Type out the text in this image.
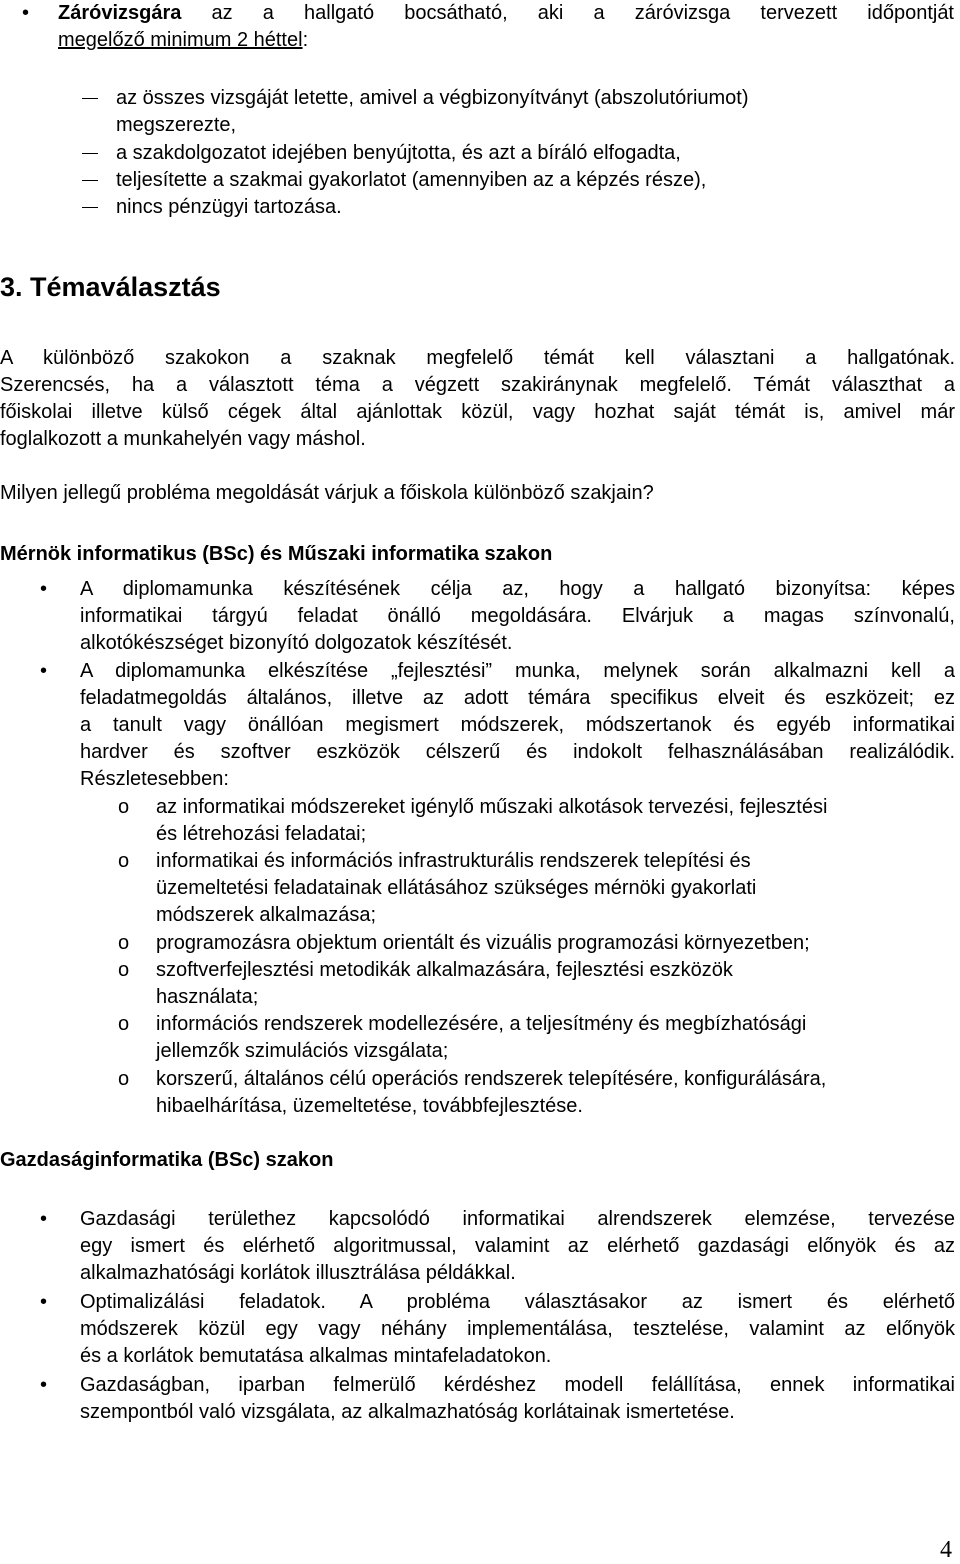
• Záróvizsgára az a hallgató bocsátható, aki a záróvizsga tervezett időpontját
megelőző minimum 2 héttel:
az összes vizsgáját letette, amivel a végbizonyítványt (abszolutóriumot)
megszerezte,
a szakdolgozatot idejében benyújtotta, és azt a bíráló elfogadta,
teljesítette a szakmai gyakorlatot (amennyiben az a képzés része),
nincs pénzügyi tartozása.
3. Témaválasztás
A különböző szakokon a szaknak megfelelő témát kell választani a hallgatónak.
Szerencsés, ha a választott téma a végzett szakiránynak megfelelő. Témát választhat a
főiskolai illetve külső cégek által ajánlottak közül, vagy hozhat saját témát is, amivel már
foglalkozott a munkahelyén vagy máshol.
Milyen jellegű probléma megoldását várjuk a főiskola különböző szakjain?
Mérnök informatikus (BSc) és Műszaki informatika szakon
• A diplomamunka készítésének célja az, hogy a hallgató bizonyítsa: képes
informatikai tárgyú feladat önálló megoldására. Elvárjuk a magas színvonalú,
alkotókészséget bizonyító dolgozatok készítését.
• A diplomamunka elkészítése „fejlesztési” munka, melynek során alkalmazni kell a
feladatmegoldás általános, illetve az adott témára specifikus elveit és eszközeit; ez
a tanult vagy önállóan megismert módszerek, módszertanok és egyéb informatikai
hardver és szoftver eszközök célszerű és indokolt felhasználásában realizálódik.
Részletesebben:
o az informatikai módszereket igénylő műszaki alkotások tervezési, fejlesztési
és létrehozási feladatai;
o informatikai és információs infrastrukturális rendszerek telepítési és
üzemeltetési feladatainak ellátásához szükséges mérnöki gyakorlati
módszerek alkalmazása;
o programozásra objektum orientált és vizuális programozási környezetben;
o szoftverfejlesztési metodikák alkalmazására, fejlesztési eszközök
használata;
o információs rendszerek modellezésére, a teljesítmény és megbízhatósági
jellemzők szimulációs vizsgálata;
o korszerű, általános célú operációs rendszerek telepítésére, konfigurálására,
hibaelhárítása, üzemeltetése, továbbfejlesztése.
Gazdaságinformatika (BSc) szakon
• Gazdasági területhez kapcsolódó informatikai alrendszerek elemzése, tervezése
egy ismert és elérhető algoritmussal, valamint az elérhető gazdasági előnyök és az
alkalmazhatósági korlátok illusztrálása példákkal.
• Optimalizálási feladatok. A probléma választásakor az ismert és elérhető
módszerek közül egy vagy néhány implementálása, tesztelése, valamint az előnyök
és a korlátok bemutatása alkalmas mintafeladatokon.
• Gazdaságban, iparban felmerülő kérdéshez modell felállítása, ennek informatikai
szempontból való vizsgálata, az alkalmazhatóság korlátainak ismertetése.
4
